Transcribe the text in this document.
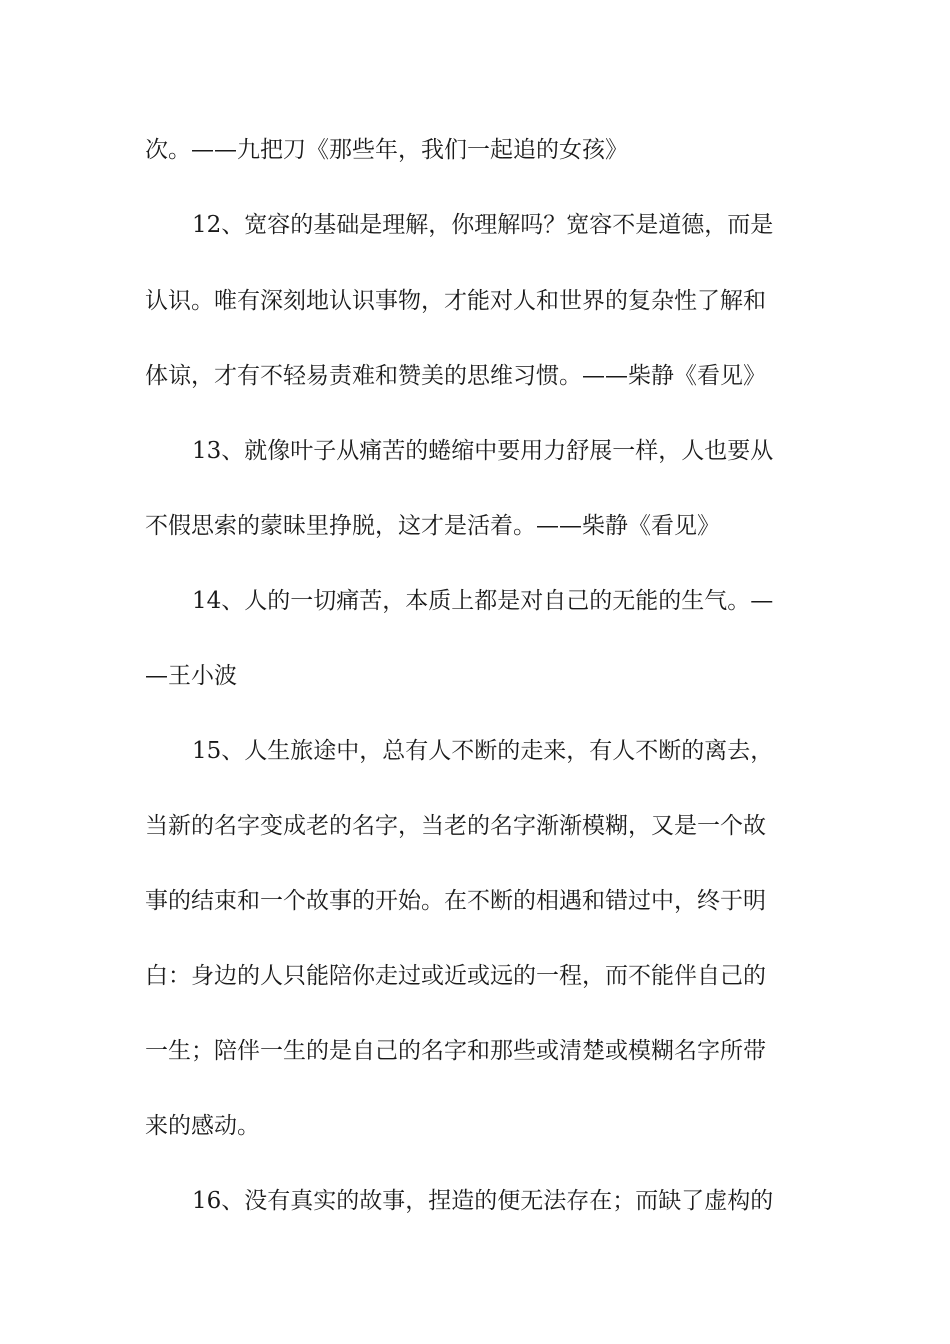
次。——九把刀《那些年，我们一起追的女孩》
12、宽容的基础是理解，你理解吗？宽容不是道德，而是
认识。唯有深刻地认识事物，才能对人和世界的复杂性了解和
体谅，才有不轻易责难和赞美的思维习惯。——柴静《看见》
13、就像叶子从痛苦的蜷缩中要用力舒展一样，人也要从
不假思索的蒙昧里挣脱，这才是活着。——柴静《看见》
14、人的一切痛苦，本质上都是对自己的无能的生气。—
—王小波
15、人生旅途中，总有人不断的走来，有人不断的离去，
当新的名字变成老的名字，当老的名字渐渐模糊，又是一个故
事的结束和一个故事的开始。在不断的相遇和错过中，终于明
白：身边的人只能陪你走过或近或远的一程，而不能伴自己的
一生；陪伴一生的是自己的名字和那些或清楚或模糊名字所带
来的感动。
16、没有真实的故事，捏造的便无法存在；而缺了虚构的
